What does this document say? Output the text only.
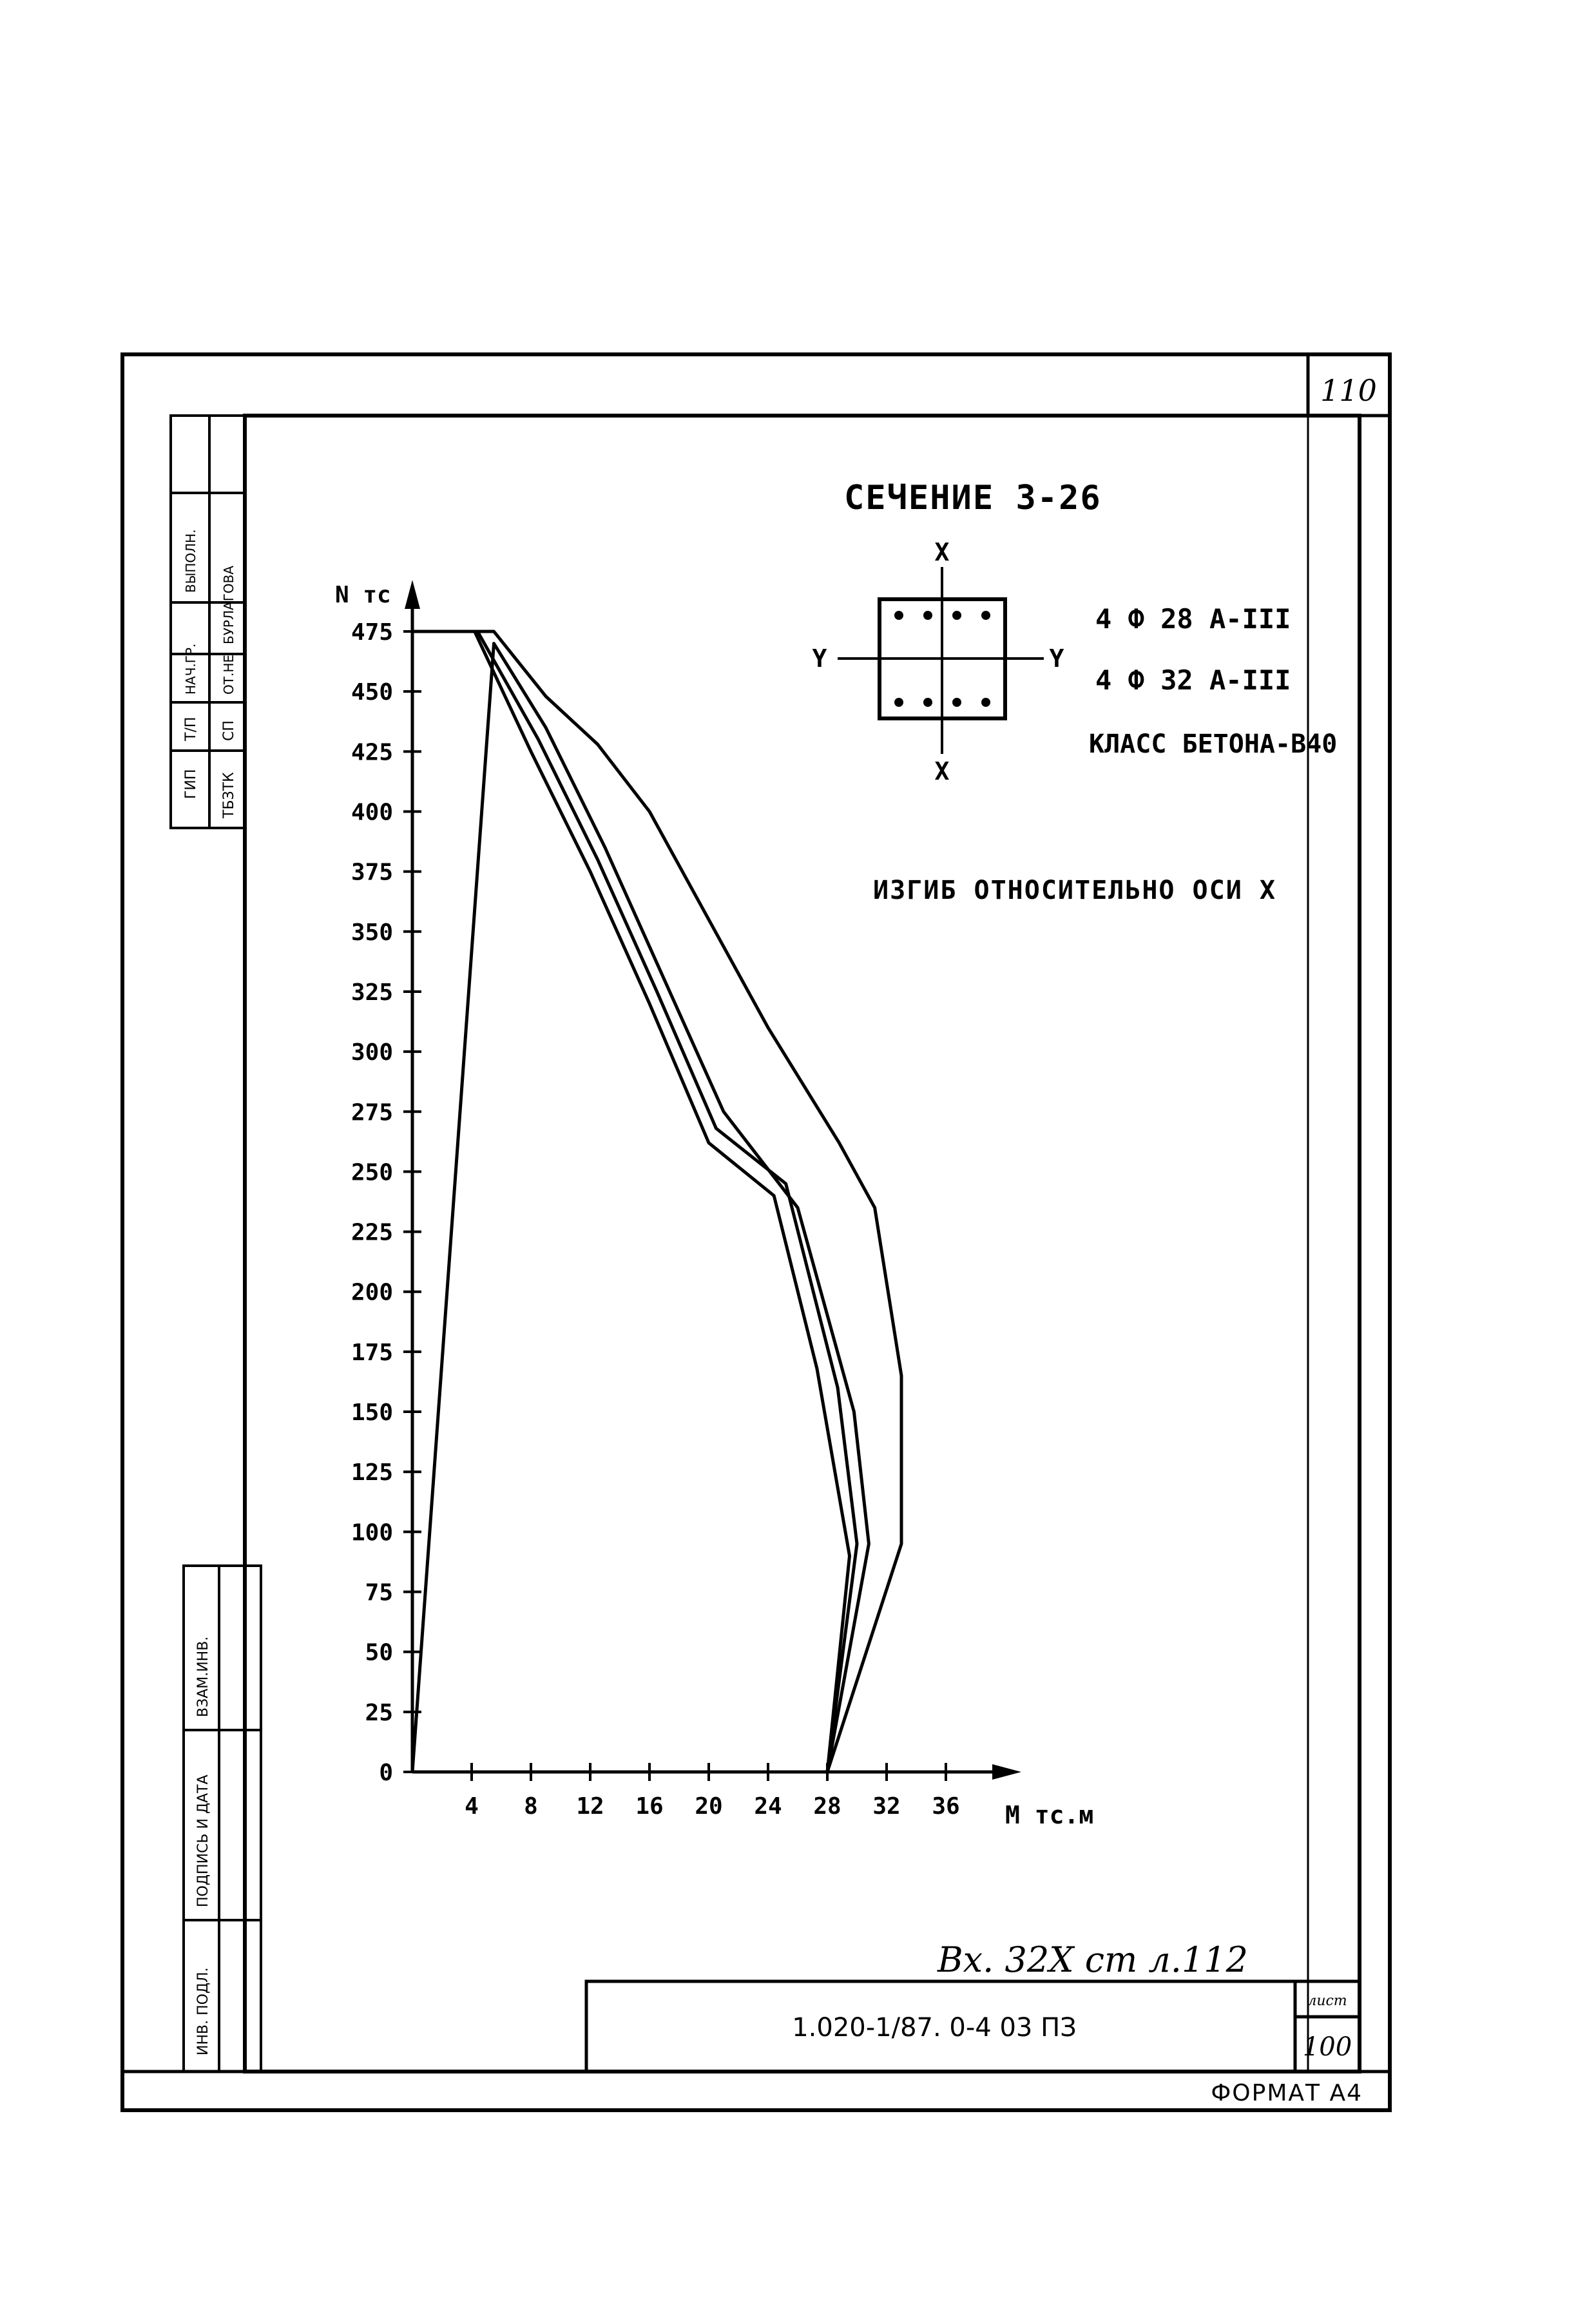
110
ГИП
Т/П
НАЧ.ГР.
ВЫПОЛН.
ТБЗТК
СП
ОТ.НЕ
БУРЛАГОВА
ИНВ. ПОДЛ.
ПОДПИСЬ И ДАТА
ВЗАМ.ИНВ.
1.020-1/87. 0-4 03 ПЗ
лист
100
Вх. 32Х ст л.112
ФОРМАТ А4
СЕЧЕНИЕ 3-26
4 Ф 28 А-III
4 Ф 32 А-III
КЛАСС БЕТОНА-В40
ИЗГИБ ОТНОСИТЕЛЬНО ОСИ X
X
X
Y	Y
N тс
М тс.м
0
25
50
75
100
125
150
175
200
225
250
275
300
325
350
375
400
425
450
475
4 8 12 16 20 24 28 32 36
